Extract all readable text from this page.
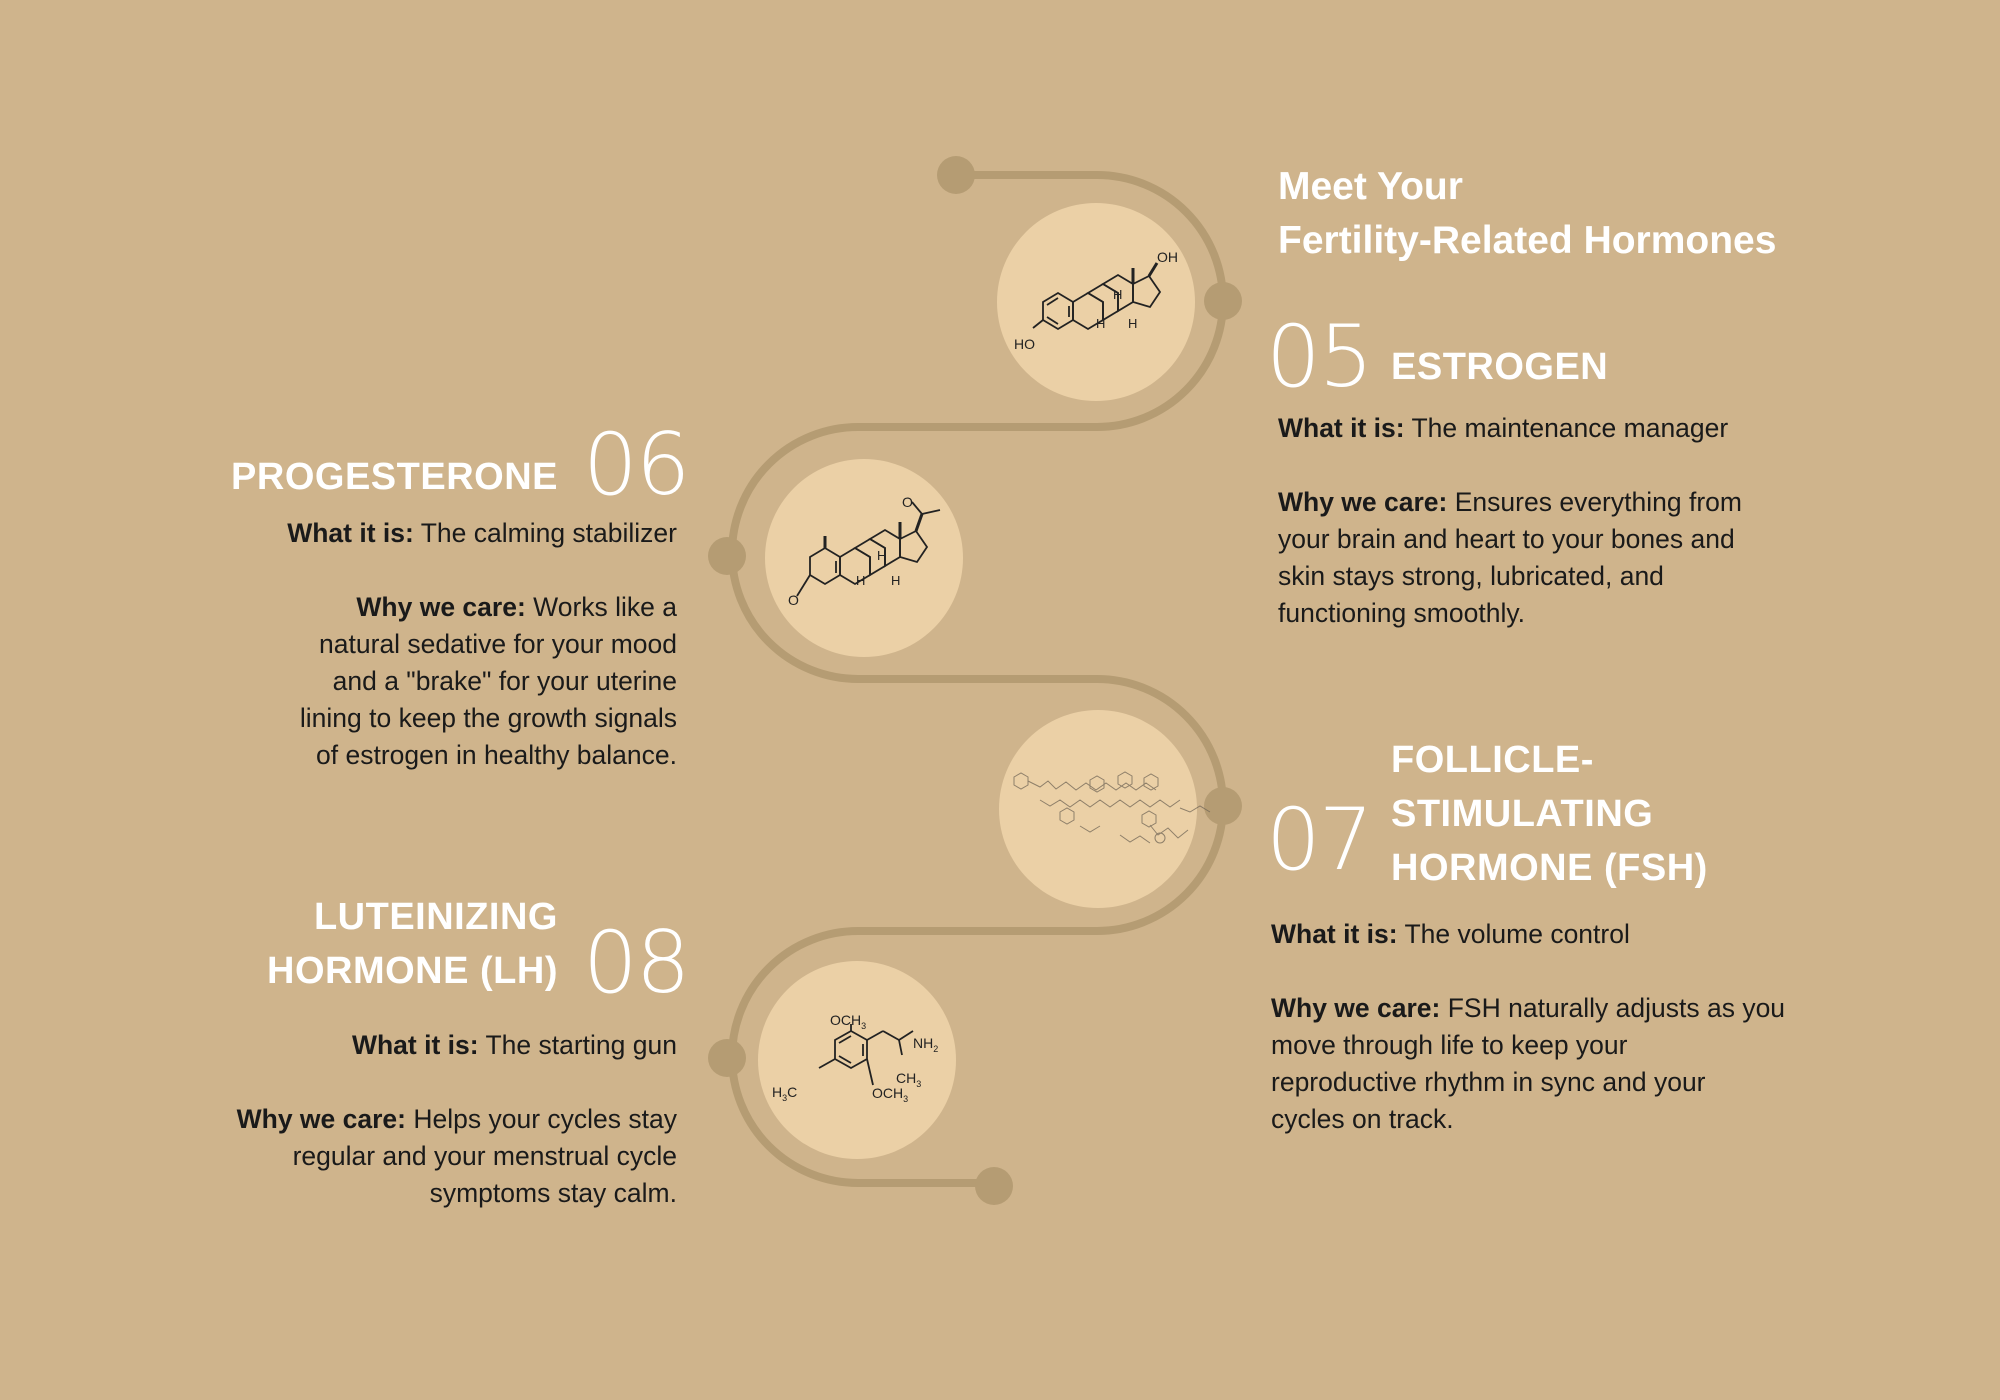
OH
HO
H
H H
O
O
H
H H
$OCH_3$
$NH_2$
$CH_3$
$H_3C$	$OCH_3$
Meet Your
Fertility-Related Hormones
05 ESTROGEN

What it is: The maintenance manager

Why we care: Ensures everything from

your brain and heart to your bones and

skin stays strong, lubricated, and

functioning smoothly.

06
PROGESTERONE

What it is: The calming stabilizer

Why we care: Works like a

natural sedative for your mood

and a "brake" for your uterine

lining to keep the growth signals

of estrogen in healthy balance.

07
FOLLICLE-
STIMULATING
HORMONE (FSH)

What it is: The volume control

Why we care: FSH naturally adjusts as you

move through life to keep your

reproductive rhythm in sync and your

cycles on track.

08
LUTEINIZING
HORMONE (LH)

What it is: The starting gun

Why we care: Helps your cycles stay

regular and your menstrual cycle

symptoms stay calm.
